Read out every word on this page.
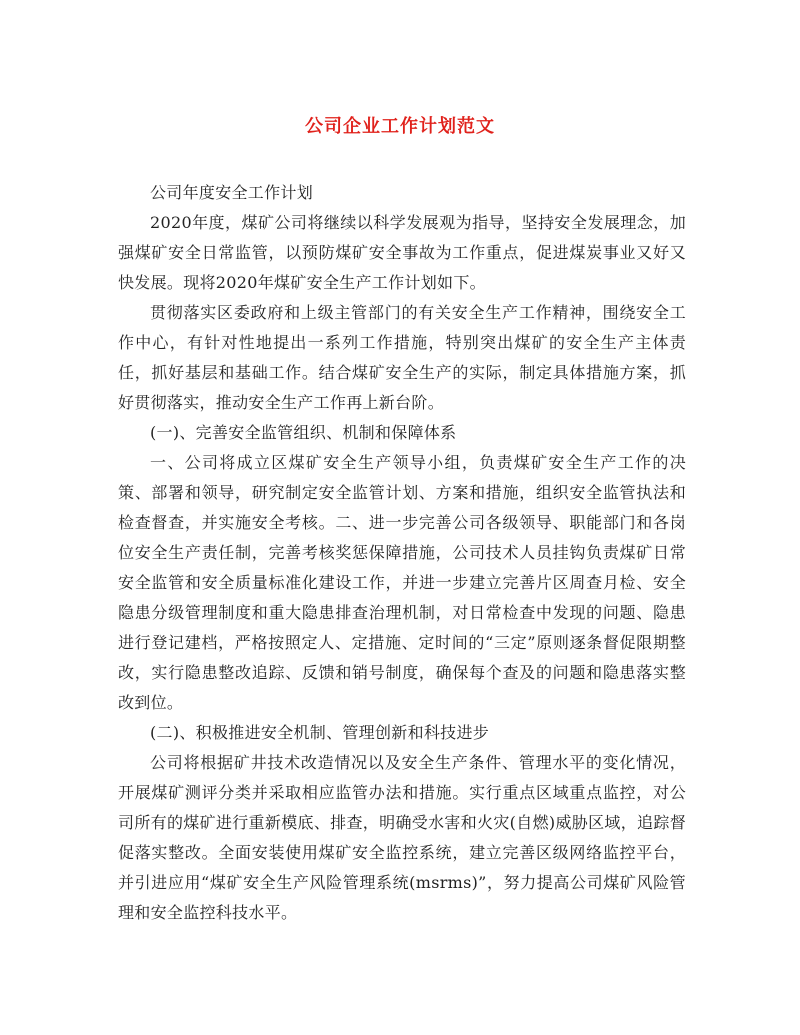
公司企业工作计划范文

公司年度安全工作计划

2020年度，煤矿公司将继续以科学发展观为指导，坚持安全发展理念，加强煤矿安全日常监管，以预防煤矿安全事故为工作重点，促进煤炭事业又好又快发展。现将2020年煤矿安全生产工作计划如下。

贯彻落实区委政府和上级主管部门的有关安全生产工作精神，围绕安全工作中心，有针对性地提出一系列工作措施，特别突出煤矿的安全生产主体责任，抓好基层和基础工作。结合煤矿安全生产的实际，制定具体措施方案，抓好贯彻落实，推动安全生产工作再上新台阶。

(一)、完善安全监管组织、机制和保障体系

一、公司将成立区煤矿安全生产领导小组，负责煤矿安全生产工作的决策、部署和领导，研究制定安全监管计划、方案和措施，组织安全监管执法和检查督查，并实施安全考核。二、进一步完善公司各级领导、职能部门和各岗位安全生产责任制，完善考核奖惩保障措施，公司技术人员挂钩负责煤矿日常安全监管和安全质量标准化建设工作，并进一步建立完善片区周查月检、安全隐患分级管理制度和重大隐患排查治理机制，对日常检查中发现的问题、隐患进行登记建档，严格按照定人、定措施、定时间的“三定”原则逐条督促限期整改，实行隐患整改追踪、反馈和销号制度，确保每个查及的问题和隐患落实整改到位。

(二)、积极推进安全机制、管理创新和科技进步

公司将根据矿井技术改造情况以及安全生产条件、管理水平的变化情况，开展煤矿测评分类并采取相应监管办法和措施。实行重点区域重点监控，对公司所有的煤矿进行重新模底、排查，明确受水害和火灾(自燃)威胁区域，追踪督促落实整改。全面安装使用煤矿安全监控系统，建立完善区级网络监控平台，并引进应用“煤矿安全生产风险管理系统(msrms)”，努力提高公司煤矿风险管理和安全监控科技水平。
